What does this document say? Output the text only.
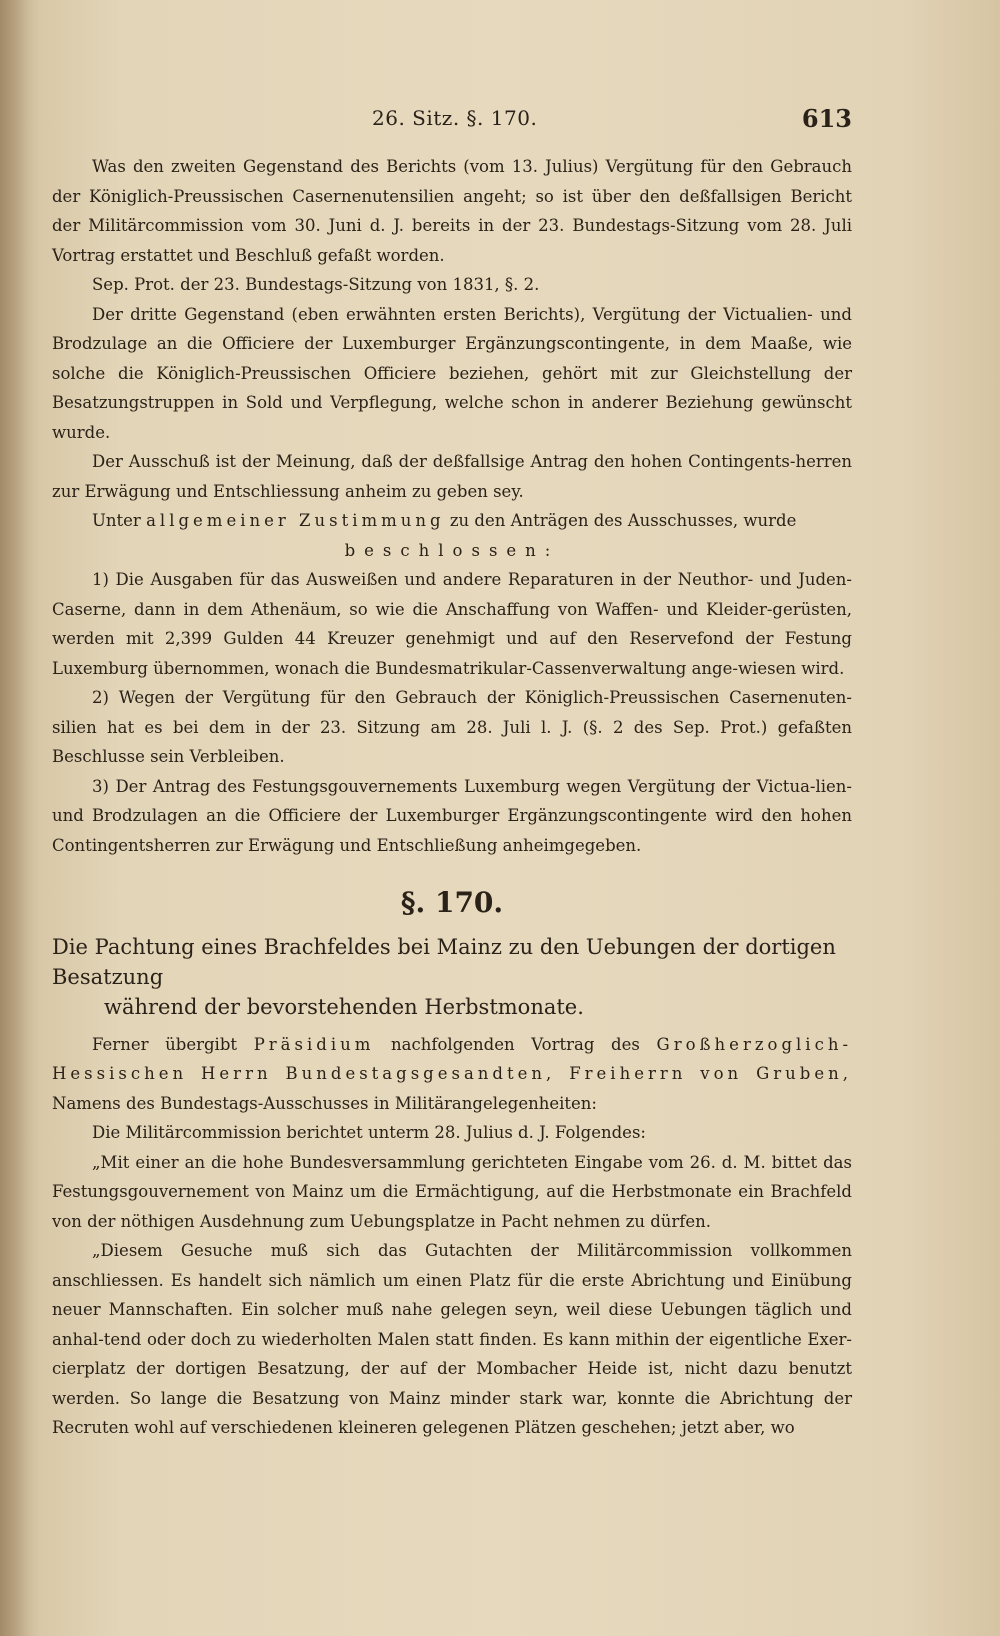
26. Sitz. §. 170.	613

Was den zweiten Gegenstand des Berichts (vom 13. Julius) Vergütung für den Gebrauch der Königlich-Preussischen Casernenutensilien angeht; so ist über den deßfallsigen Bericht der Militärcommission vom 30. Juni d. J. bereits in der 23. Bundestags-Sitzung vom 28. Juli Vortrag erstattet und Beschluß gefaßt worden.

Sep. Prot. der 23. Bundestags-Sitzung von 1831, §. 2.

Der dritte Gegenstand (eben erwähnten ersten Berichts), Vergütung der Victualien- und Brodzulage an die Officiere der Luxemburger Ergänzungscontingente, in dem Maaße, wie solche die Königlich-Preussischen Officiere beziehen, gehört mit zur Gleichstellung der Besatzungstruppen in Sold und Verpflegung, welche schon in anderer Beziehung gewünscht wurde.

Der Ausschuß ist der Meinung, daß der deßfallsige Antrag den hohen Contingents-herren zur Erwägung und Entschliessung anheim zu geben sey.

Unter allgemeiner Zustimmung zu den Anträgen des Ausschusses, wurde

beschlossen:

1) Die Ausgaben für das Ausweißen und andere Reparaturen in der Neuthor- und Juden-Caserne, dann in dem Athenäum, so wie die Anschaffung von Waffen- und Kleider-gerüsten, werden mit 2,399 Gulden 44 Kreuzer genehmigt und auf den Reservefond der Festung Luxemburg übernommen, wonach die Bundesmatrikular-Cassenverwaltung ange-wiesen wird.

2) Wegen der Vergütung für den Gebrauch der Königlich-Preussischen Casernenuten-silien hat es bei dem in der 23. Sitzung am 28. Juli l. J. (§. 2 des Sep. Prot.) gefaßten Beschlusse sein Verbleiben.

3) Der Antrag des Festungsgouvernements Luxemburg wegen Vergütung der Victua-lien- und Brodzulagen an die Officiere der Luxemburger Ergänzungscontingente wird den hohen Contingentsherren zur Erwägung und Entschließung anheimgegeben.

§. 170.
Die Pachtung eines Brachfeldes bei Mainz zu den Uebungen der dortigen Besatzung
während der bevorstehenden Herbstmonate.

Ferner übergibt Präsidium nachfolgenden Vortrag des Großherzoglich-Hessischen Herrn Bundestagsgesandten, Freiherrn von Gruben, Namens des Bundestags-Ausschusses in Militärangelegenheiten:

Die Militärcommission berichtet unterm 28. Julius d. J. Folgendes:

„Mit einer an die hohe Bundesversammlung gerichteten Eingabe vom 26. d. M. bittet das Festungsgouvernement von Mainz um die Ermächtigung, auf die Herbstmonate ein Brachfeld von der nöthigen Ausdehnung zum Uebungsplatze in Pacht nehmen zu dürfen.

„Diesem Gesuche muß sich das Gutachten der Militärcommission vollkommen anschliessen. Es handelt sich nämlich um einen Platz für die erste Abrichtung und Einübung neuer Mannschaften. Ein solcher muß nahe gelegen seyn, weil diese Uebungen täglich und anhal-tend oder doch zu wiederholten Malen statt finden. Es kann mithin der eigentliche Exer-cierplatz der dortigen Besatzung, der auf der Mombacher Heide ist, nicht dazu benutzt werden. So lange die Besatzung von Mainz minder stark war, konnte die Abrichtung der Recruten wohl auf verschiedenen kleineren gelegenen Plätzen geschehen; jetzt aber, wo
